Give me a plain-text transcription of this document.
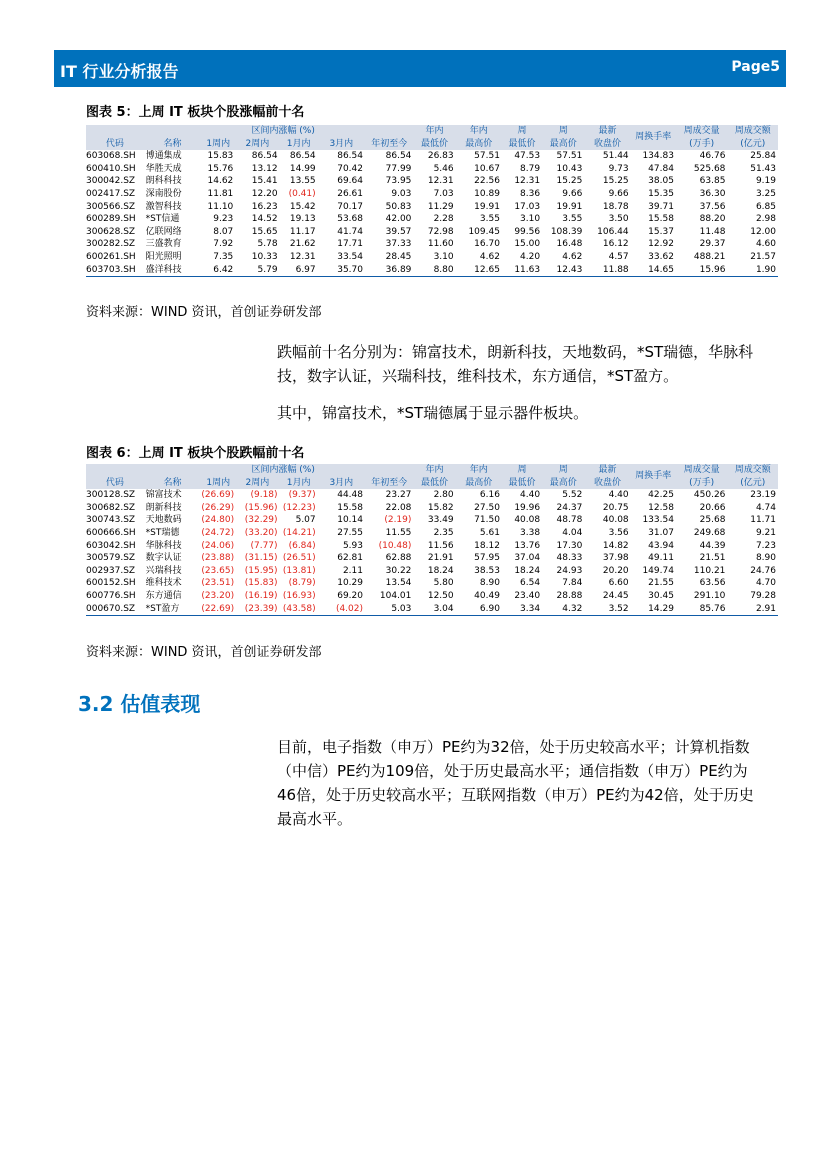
IT 行业分析报告	Page5
图表 5：上周 IT 板块个股涨幅前十名
		区间内涨幅 (%)					年内	年内	周	周	最新	周换手率	周成交量	周成交额
代码	名称	1周内	2周内	1月内	3月内	年初至今	最低价	最高价	最低价	最高价	收盘价		(万手)	(亿元)
603068.SH	博通集成	15.83	86.54	86.54	86.54	86.54	26.83	57.51	47.53	57.51	51.44	134.83	46.76	25.84
600410.SH	华胜天成	15.76	13.12	14.99	70.42	77.99	5.46	10.67	8.79	10.43	9.73	47.84	525.68	51.43
300042.SZ	朗科科技	14.62	15.41	13.55	69.64	73.95	12.31	22.56	12.31	15.25	15.25	38.05	63.85	9.19
002417.SZ	深南股份	11.81	12.20	(0.41)	26.61	9.03	7.03	10.89	8.36	9.66	9.66	15.35	36.30	3.25
300566.SZ	激智科技	11.10	16.23	15.42	70.17	50.83	11.29	19.91	17.03	19.91	18.78	39.71	37.56	6.85
600289.SH	*ST信通	9.23	14.52	19.13	53.68	42.00	2.28	3.55	3.10	3.55	3.50	15.58	88.20	2.98
300628.SZ	亿联网络	8.07	15.65	11.17	41.74	39.57	72.98	109.45	99.56	108.39	106.44	15.37	11.48	12.00
300282.SZ	三盛教育	7.92	5.78	21.62	17.71	37.33	11.60	16.70	15.00	16.48	16.12	12.92	29.37	4.60
600261.SH	阳光照明	7.35	10.33	12.31	33.54	28.45	3.10	4.62	4.20	4.62	4.57	33.62	488.21	21.57
603703.SH	盛洋科技	6.42	5.79	6.97	35.70	36.89	8.80	12.65	11.63	12.43	11.88	14.65	15.96	1.90
资料来源：WIND 资讯，首创证券研发部
跌幅前十名分别为：锦富技术，朗新科技，天地数码，*ST瑞德，华脉科技，数字认证，兴瑞科技，维科技术，东方通信，*ST盈方。
其中，锦富技术，*ST瑞德属于显示器件板块。
图表 6：上周 IT 板块个股跌幅前十名
		区间内涨幅 (%)					年内	年内	周	周	最新	周换手率	周成交量	周成交额
代码	名称	1周内	2周内	1月内	3月内	年初至今	最低价	最高价	最低价	最高价	收盘价		(万手)	(亿元)
300128.SZ	锦富技术	(26.69)	(9.18)	(9.37)	44.48	23.27	2.80	6.16	4.40	5.52	4.40	42.25	450.26	23.19
300682.SZ	朗新科技	(26.29)	(15.96)	(12.23)	15.58	22.08	15.82	27.50	19.96	24.37	20.75	12.58	20.66	4.74
300743.SZ	天地数码	(24.80)	(32.29)	5.07	10.14	(2.19)	33.49	71.50	40.08	48.78	40.08	133.54	25.68	11.71
600666.SH	*ST瑞德	(24.72)	(33.20)	(14.21)	27.55	11.55	2.35	5.61	3.38	4.04	3.56	31.07	249.68	9.21
603042.SH	华脉科技	(24.06)	(7.77)	(6.84)	5.93	(10.48)	11.56	18.12	13.76	17.30	14.82	43.94	44.39	7.23
300579.SZ	数字认证	(23.88)	(31.15)	(26.51)	62.81	62.88	21.91	57.95	37.04	48.33	37.98	49.11	21.51	8.90
002937.SZ	兴瑞科技	(23.65)	(15.95)	(13.81)	2.11	30.22	18.24	38.53	18.24	24.93	20.20	149.74	110.21	24.76
600152.SH	维科技术	(23.51)	(15.83)	(8.79)	10.29	13.54	5.80	8.90	6.54	7.84	6.60	21.55	63.56	4.70
600776.SH	东方通信	(23.20)	(16.19)	(16.93)	69.20	104.01	12.50	40.49	23.40	28.88	24.45	30.45	291.10	79.28
000670.SZ	*ST盈方	(22.69)	(23.39)	(43.58)	(4.02)	5.03	3.04	6.90	3.34	4.32	3.52	14.29	85.76	2.91
资料来源：WIND 资讯，首创证券研发部
3.2 估值表现
目前，电子指数（申万）PE约为32倍，处于历史较高水平；计算机指数（中信）PE约为109倍，处于历史最高水平；通信指数（申万）PE约为46倍，处于历史较高水平；互联网指数（申万）PE约为42倍，处于历史最高水平。
